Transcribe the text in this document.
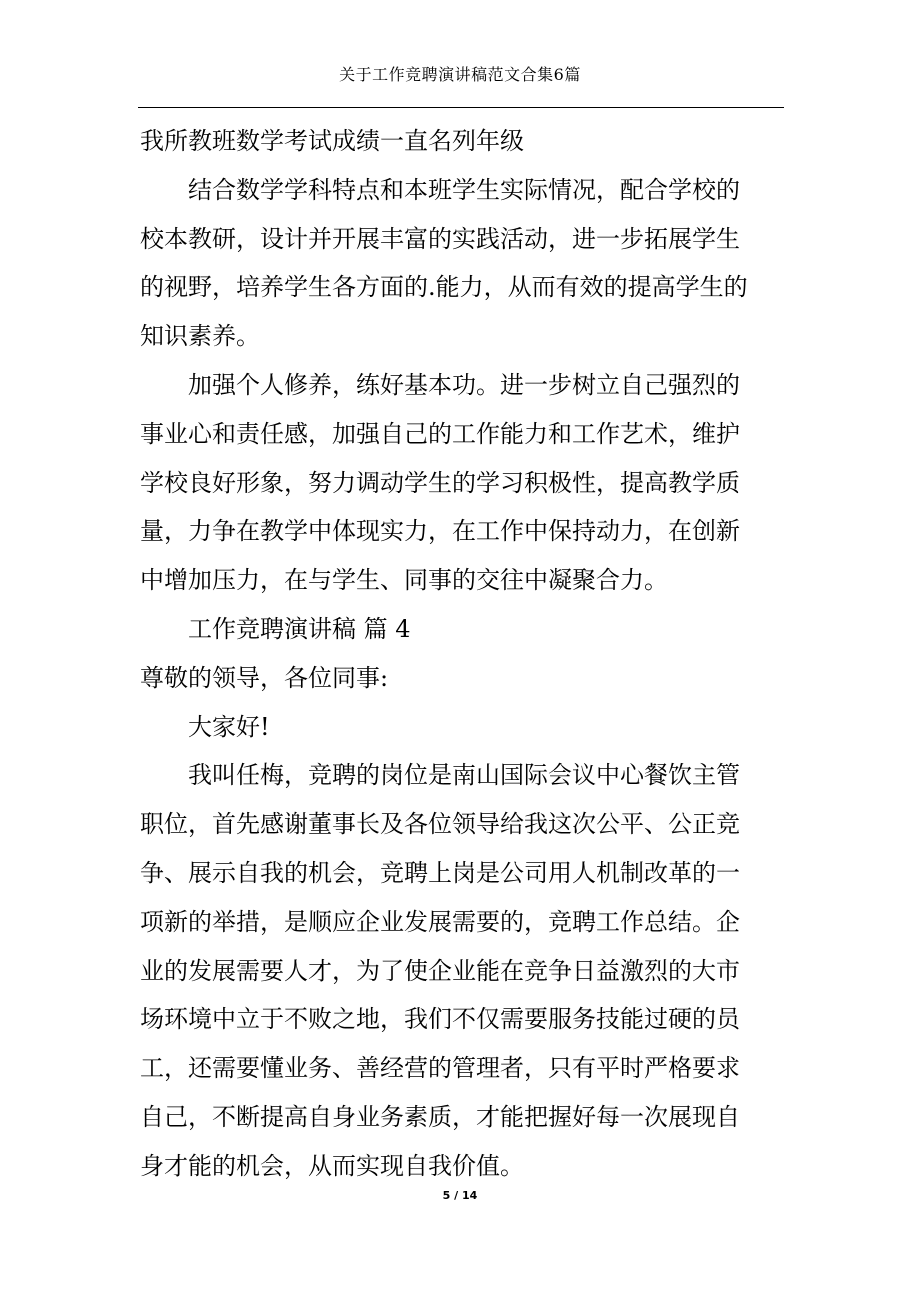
关于工作竞聘演讲稿范文合集6篇

我所教班数学考试成绩一直名列年级

结合数学学科特点和本班学生实际情况，配合学校的
校本教研，设计并开展丰富的实践活动，进一步拓展学生
的视野，培养学生各方面的.能力，从而有效的提高学生的
知识素养。

加强个人修养，练好基本功。进一步树立自己强烈的
事业心和责任感，加强自己的工作能力和工作艺术，维护
学校良好形象，努力调动学生的学习积极性，提高教学质
量，力争在教学中体现实力，在工作中保持动力，在创新
中增加压力，在与学生、同事的交往中凝聚合力。

工作竞聘演讲稿 篇 4

尊敬的领导，各位同事:

大家好!

我叫任梅，竞聘的岗位是南山国际会议中心餐饮主管
职位，首先感谢董事长及各位领导给我这次公平、公正竞
争、展示自我的机会，竞聘上岗是公司用人机制改革的一
项新的举措，是顺应企业发展需要的，竞聘工作总结。企
业的发展需要人才，为了使企业能在竞争日益激烈的大市
场环境中立于不败之地，我们不仅需要服务技能过硬的员
工，还需要懂业务、善经营的管理者，只有平时严格要求
自己，不断提高自身业务素质，才能把握好每一次展现自
身才能的机会，从而实现自我价值。

5 / 14
